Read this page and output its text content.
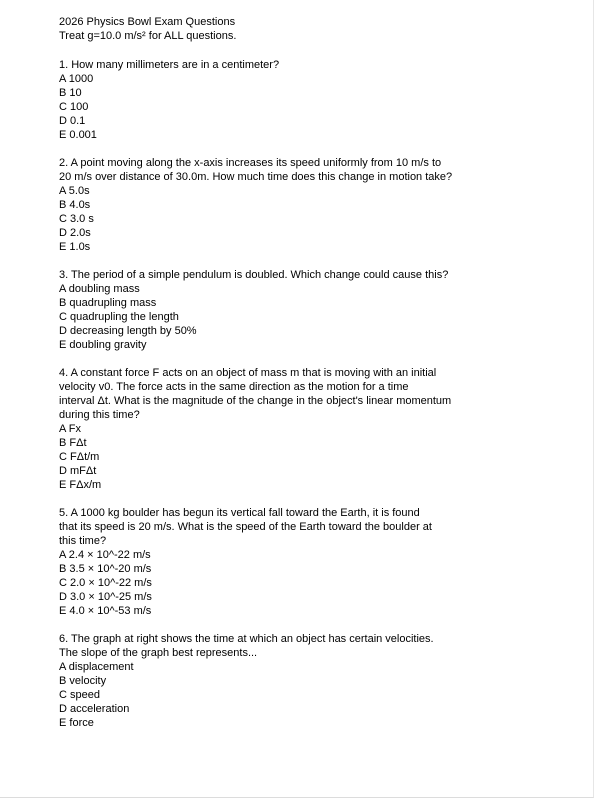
2026 Physics Bowl Exam Questions
Treat g=10.0 m/s² for ALL questions.
1. How many millimeters are in a centimeter?
A 1000
B 10
C 100
D 0.1
E 0.001
2. A point moving along the x-axis increases its speed uniformly from 10 m/s to
20 m/s over distance of 30.0m. How much time does this change in motion take?
A 5.0s
B 4.0s
C 3.0 s
D 2.0s
E 1.0s
3. The period of a simple pendulum is doubled. Which change could cause this?
A doubling mass
B quadrupling mass
C quadrupling the length
D decreasing length by 50%
E doubling gravity
4. A constant force F acts on an object of mass m that is moving with an initial
velocity v0. The force acts in the same direction as the motion for a time
interval Δt. What is the magnitude of the change in the object's linear momentum
during this time?
A Fx
B FΔt
C FΔt/m
D mFΔt
E FΔx/m
5. A 1000 kg boulder has begun its vertical fall toward the Earth, it is found
that its speed is 20 m/s. What is the speed of the Earth toward the boulder at
this time?
A 2.4 × 10^-22 m/s
B 3.5 × 10^-20 m/s
C 2.0 × 10^-22 m/s
D 3.0 × 10^-25 m/s
E 4.0 × 10^-53 m/s
6. The graph at right shows the time at which an object has certain velocities.
The slope of the graph best represents...
A displacement
B velocity
C speed
D acceleration
E force
